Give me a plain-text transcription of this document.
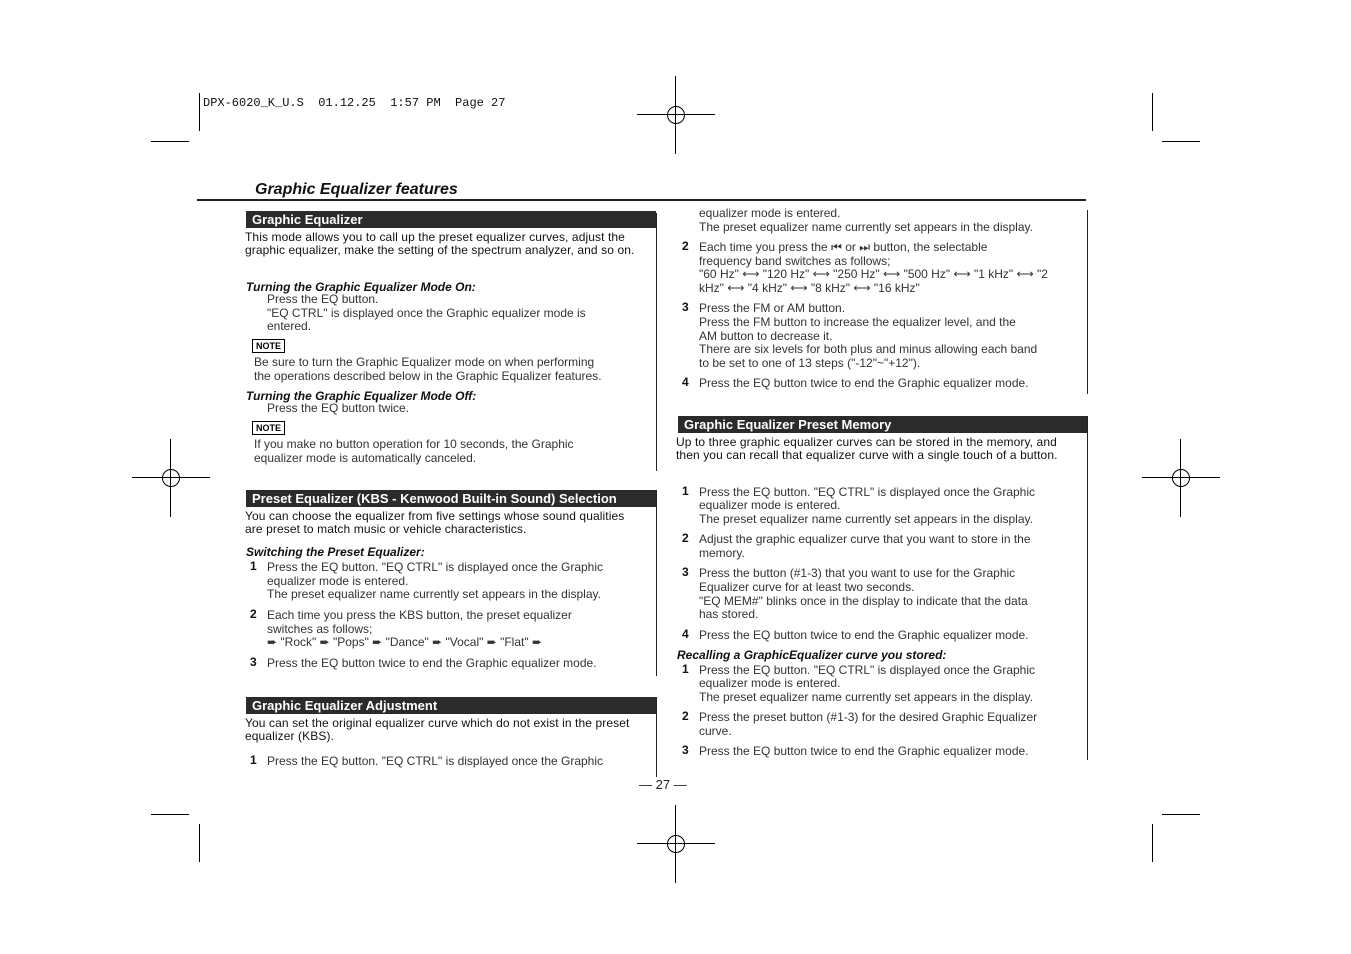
DPX-6020_K_U.S  01.12.25  1:57 PM  Page 27
Graphic Equalizer features
Graphic Equalizer
This mode allows you to call up the preset equalizer curves, adjust the graphic equalizer, make the setting of the spectrum analyzer, and so on.
Turning the Graphic Equalizer Mode On:
Press the EQ button.
"EQ CTRL" is displayed once the Graphic equalizer mode is
entered.
NOTE
Be sure to turn the Graphic Equalizer mode on when performing
the operations described below in the Graphic Equalizer features.
Turning the Graphic Equalizer Mode Off:
Press the EQ button twice.
NOTE
If you make no button operation for 10 seconds, the Graphic
equalizer mode is automatically canceled.
Preset Equalizer (KBS - Kenwood Built-in Sound) Selection
You can choose the equalizer from five settings whose sound qualities are preset to match music or vehicle characteristics.
Switching the Preset Equalizer:
1 Press the EQ button. "EQ CTRL" is displayed once the Graphic
equalizer mode is entered.
The preset equalizer name currently set appears in the display.
2 Each time you press the KBS button, the preset equalizer
switches as follows;
➨ "Rock" ➨ "Pops" ➨ "Dance" ➨ "Vocal" ➨ "Flat" ➨
3 Press the EQ button twice to end the Graphic equalizer mode.
Graphic Equalizer Adjustment
You can set the original equalizer curve which do not exist in the preset equalizer (KBS).
1 Press the EQ button. "EQ CTRL" is displayed once the Graphic
equalizer mode is entered.
The preset equalizer name currently set appears in the display.
2 Each time you press the ⏮ or ⏭ button, the selectable
frequency band switches as follows;
"60 Hz" ⟷ "120 Hz" ⟷ "250 Hz" ⟷ "500 Hz" ⟷ "1 kHz" ⟷ "2
kHz" ⟷ "4 kHz" ⟷ "8 kHz" ⟷ "16 kHz"
3 Press the FM or AM button.
Press the FM button to increase the equalizer level, and the
AM button to decrease it.
There are six levels for both plus and minus allowing each band
to be set to one of 13 steps ("-12"~"+12").
4 Press the EQ button twice to end the Graphic equalizer mode.
Graphic Equalizer Preset Memory
Up to three graphic equalizer curves can be stored in the memory, and then you can recall that equalizer curve with a single touch of a button.
1 Press the EQ button. "EQ CTRL" is displayed once the Graphic
equalizer mode is entered.
The preset equalizer name currently set appears in the display.
2 Adjust the graphic equalizer curve that you want to store in the
memory.
3 Press the button (#1-3) that you want to use for the Graphic
Equalizer curve for at least two seconds.
"EQ MEM#" blinks once in the display to indicate that the data
has stored.
4 Press the EQ button twice to end the Graphic equalizer mode.
Recalling a GraphicEqualizer curve you stored:
1 Press the EQ button. "EQ CTRL" is displayed once the Graphic
equalizer mode is entered.
The preset equalizer name currently set appears in the display.
2 Press the preset button (#1-3) for the desired Graphic Equalizer
curve.
3 Press the EQ button twice to end the Graphic equalizer mode.
— 27 —
